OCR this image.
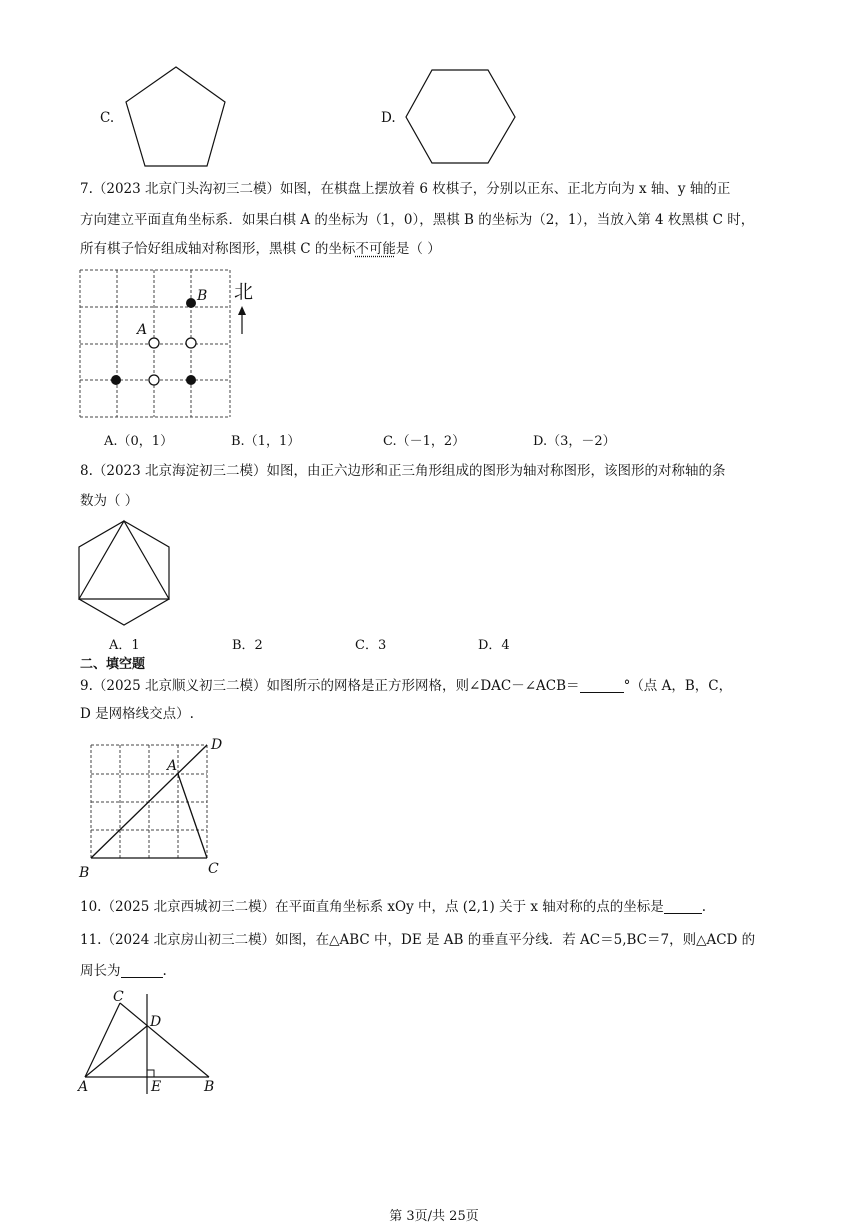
C.	D.
7.（2023 北京门头沟初三二模）如图，在棋盘上摆放着 6 枚棋子，分别以正东、正北方向为 x 轴、y 轴的正
方向建立平面直角坐标系．如果白棋 A 的坐标为（1，0），黑棋 B 的坐标为（2，1），当放入第 4 枚黑棋 C 时，
所有棋子恰好组成轴对称图形，黑棋 C 的坐标不可能是（ ）
B
A
北
A.（0，1）	B.（1，1）	C.（－1，2）	D.（3，－2）
8.（2023 北京海淀初三二模）如图，由正六边形和正三角形组成的图形为轴对称图形，该图形的对称轴的条
数为（ ）
A．1	B．2	C．3	D．4
二、填空题
9.（2025 北京顺义初三二模）如图所示的网格是正方形网格，则∠DAC－∠ACB＝	°（点 A，B，C，
D 是网格线交点）.
D
A
B	C
10.（2025 北京西城初三二模）在平面直角坐标系 xOy 中，点 (2,1) 关于 x 轴对称的点的坐标是	.
11.（2024 北京房山初三二模）如图，在△ABC 中，DE 是 AB 的垂直平分线．若 AC＝5,BC＝7，则△ACD 的
周长为	.
C
D
A	E	B
第 3页/共 25页
